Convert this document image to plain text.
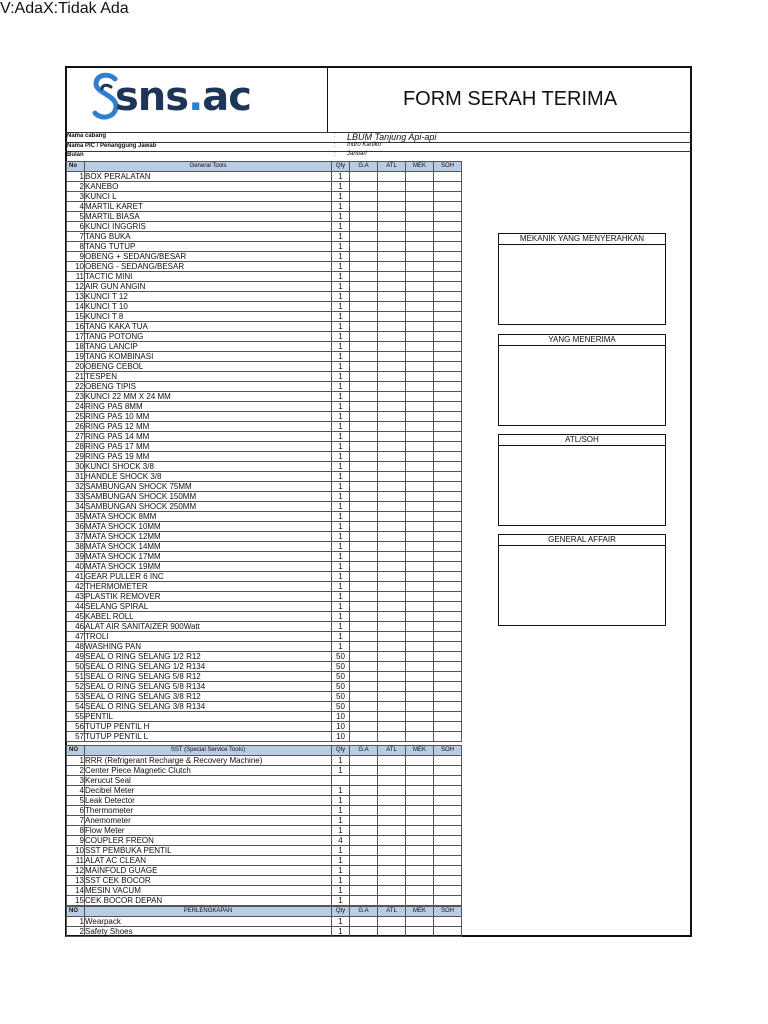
sns.ac	FORM SERAH TERIMA
Nama cabang	: LBUM Tanjung Api-api
Nama PIC / Penanggung Jawab	: Indro Kartiko
Bulan	: Januari
No	General Tools	Qty	G.A	ATL	MEK	SOH
1	BOX PERALATAN	1				
2	KANEBO	1				
3	KUNCI L	1				
4	MARTIL KARET	1				
5	MARTIL BIASA	1				
6	KUNCI INGGRIS	1				
7	TANG BUKA	1				
8	TANG TUTUP	1				
9	OBENG + SEDANG/BESAR	1				
10	OBENG - SEDANG/BESAR	1				
11	TACTIC MINI	1				
12	AIR GUN ANGIN	1				
13	KUNCI T 12	1				
14	KUNCI T 10	1				
15	KUNCI T 8	1				
16	TANG KAKA TUA	1				
17	TANG POTONG	1				
18	TANG LANCIP	1				
19	TANG KOMBINASI	1				
20	OBENG CEBOL	1				
21	TESPEN	1				
22	OBENG TIPIS	1				
23	KUNCI 22 MM X 24 MM	1				
24	RING PAS 8MM	1				
25	RING PAS 10 MM	1				
26	RING PAS 12 MM	1				
27	RING PAS 14 MM	1				
28	RING PAS 17 MM	1				
29	RING PAS 19 MM	1				
30	KUNCI SHOCK 3/8	1				
31	HANDLE SHOCK 3/8	1				
32	SAMBUNGAN SHOCK 75MM	1				
33	SAMBUNGAN SHOCK 150MM	1				
34	SAMBUNGAN SHOCK 250MM	1				
35	MATA SHOCK 8MM	1				
36	MATA SHOCK 10MM	1				
37	MATA SHOCK 12MM	1				
38	MATA SHOCK 14MM	1				
39	MATA SHOCK 17MM	1				
40	MATA SHOCK 19MM	1				
41	GEAR PULLER 6 INC	1				
42	THERMOMETER	1				
43	PLASTIK REMOVER	1				
44	SELANG SPIRAL	1				
45	KABEL ROLL	1				
46	ALAT AIR SANITAIZER 900Watt	1				
47	TROLI	1				
48	WASHING PAN	1				
49	SEAL O RING SELANG 1/2 R12	50				
50	SEAL O RING SELANG 1/2 R134	50				
51	SEAL O RING SELANG 5/8 R12	50				
52	SEAL O RING SELANG 5/8 R134	50				
53	SEAL O RING SELANG 3/8 R12	50				
54	SEAL O RING SELANG 3/8 R134	50				
55	PENTIL	10				
56	TUTUP PENTIL H	10				
57	TUTUP PENTIL L	10				
NO	SST (Special Service Tools)	Qty	G.A	ATL	MEK	SOH
1	RRR (Refrigerant Recharge & Recovery Machine)	1				
2	Center Piece Magnetic Clutch	1				
3	Kerucut Seal					
4	Decibel Meter	1				
5	Leak Detector	1				
6	Thermometer	1				
7	Anemometer	1				
8	Flow Meter	1				
9	COUPLER FREON	4				
10	SST PEMBUKA PENTIL	1				
11	ALAT AC CLEAN	1				
12	MAINFOLD GUAGE	1				
13	SST CEK BOCOR	1				
14	MESIN VACUM	1				
15	CEK BOCOR DEPAN	1				
NO	PERLENGKAPAN	Qty	G.A	ATL	MEK	SOH
1	Wearpack	1				
2	Safety Shoes	1				
MEKANIK YANG MENYERAHKAN
YANG MENERIMA
ATL/SOH
GENERAL AFFAIR
V:AdaX:Tidak Ada
